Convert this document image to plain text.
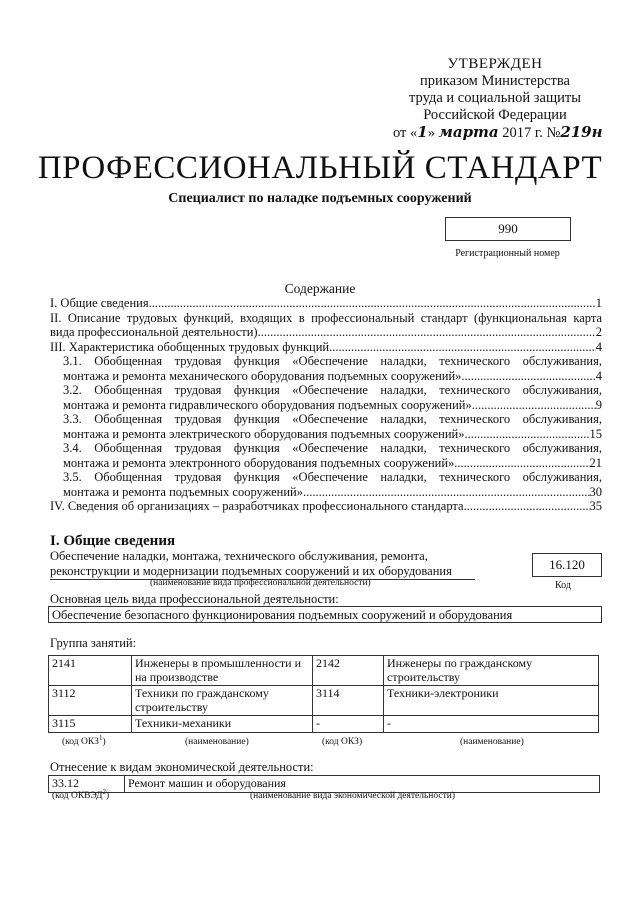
УТВЕРЖДЕН
приказом Министерства
труда и социальной защиты
Российской Федерации
от «1» марта 2017 г. №219н
ПРОФЕССИОНАЛЬНЫЙ СТАНДАРТ
Специалист по наладке подъемных сооружений
990
Регистрационный номер
Содержание
I. Общие сведения .....	1
II. Описание трудовых функций, входящих в профессиональный стандарт (функциональная карта
вида профессиональной деятельности) .....	2
III. Характеристика обобщенных трудовых функций .....	4
3.1. Обобщенная трудовая функция «Обеспечение наладки, технического обслуживания,
монтажа и ремонта механического оборудования подъемных сооружений» .....	4
3.2. Обобщенная трудовая функция «Обеспечение наладки, технического обслуживания,
монтажа и ремонта гидравлического оборудования подъемных сооружений» .....	9
3.3. Обобщенная трудовая функция «Обеспечение наладки, технического обслуживания,
монтажа и ремонта электрического оборудования подъемных сооружений» .....	15
3.4. Обобщенная трудовая функция «Обеспечение наладки, технического обслуживания,
монтажа и ремонта электронного оборудования подъемных сооружений» .....	21
3.5. Обобщенная трудовая функция «Обеспечение наладки, технического обслуживания,
монтажа и ремонта подъемных сооружений» .....	30
IV. Сведения об организациях – разработчиках профессионального стандарта .....	35
I. Общие сведения
Обеспечение наладки, монтажа, технического обслуживания, ремонта,
реконструкции и модернизации подъемных сооружений и их оборудования
(наименование вида профессиональной деятельности)
16.120
Код
Основная цель вида профессиональной деятельности:
Обеспечение безопасного функционирования подъемных сооружений и оборудования
Группа занятий:
2141	Инженеры в промышленности и на производстве	2142	Инженеры по гражданскому строительству
3112	Техники по гражданскому строительству	3114	Техники-электроники
3115	Техники-механики	-	-
(код ОКЗ$^1$)	(наименование)	(код ОКЗ)	(наименование)
Отнесение к видам экономической деятельности:
33.12	Ремонт машин и оборудования
(код ОКВЭД$^2$)	(наименование вида экономической деятельности)
